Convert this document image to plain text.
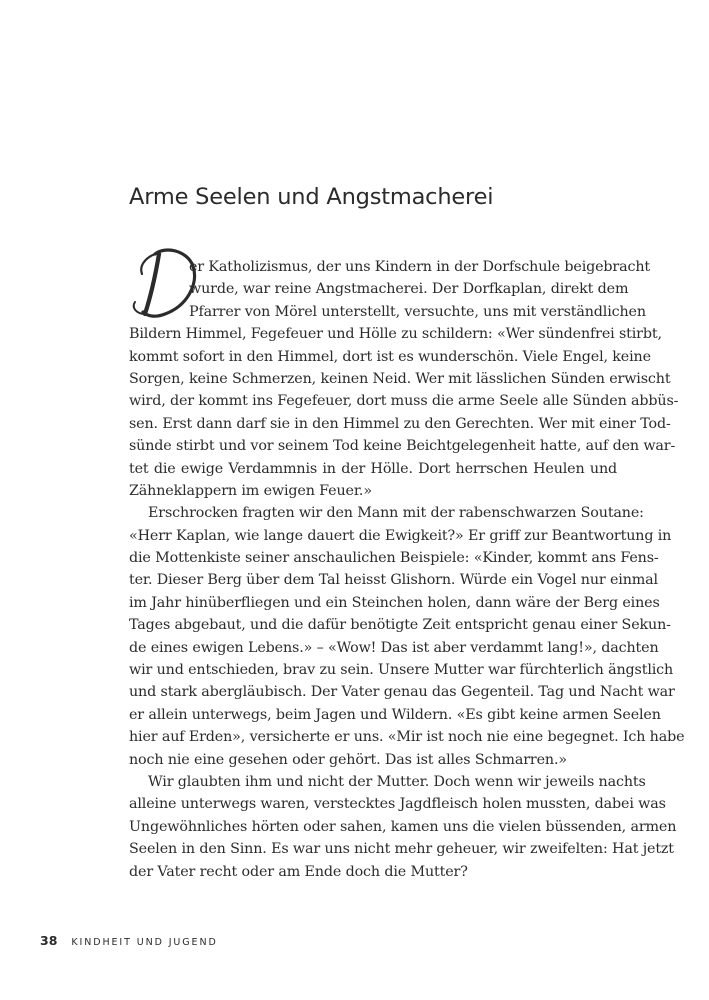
Arme Seelen und Angstmacherei
er Katholizismus, der uns Kindern in der Dorfschule beigebracht
wurde, war reine Angstmacherei. Der Dorfkaplan, direkt dem
Pfarrer von Mörel unterstellt, versuchte, uns mit verständlichen
Bildern Himmel, Fegefeuer und Hölle zu schildern: «Wer sündenfrei stirbt,
kommt sofort in den Himmel, dort ist es wunderschön. Viele Engel, keine
Sorgen, keine Schmerzen, keinen Neid. Wer mit lässlichen Sünden erwischt
wird, der kommt ins Fegefeuer, dort muss die arme Seele alle Sünden abbüs-
sen. Erst dann darf sie in den Himmel zu den Gerechten. Wer mit einer Tod-
sünde stirbt und vor seinem Tod keine Beichtgelegenheit hatte, auf den war-
tet die ewige Verdammnis in der Hölle. Dort herrschen Heulen und
Zähneklappern im ewigen Feuer.»
Erschrocken fragten wir den Mann mit der rabenschwarzen Soutane:
«Herr Kaplan, wie lange dauert die Ewigkeit?» Er griff zur Beantwortung in
die Mottenkiste seiner anschaulichen Beispiele: «Kinder, kommt ans Fens-
ter. Dieser Berg über dem Tal heisst Glishorn. Würde ein Vogel nur einmal
im Jahr hinüberfliegen und ein Steinchen holen, dann wäre der Berg eines
Tages abgebaut, und die dafür benötigte Zeit entspricht genau einer Sekun-
de eines ewigen Lebens.» – «Wow! Das ist aber verdammt lang!», dachten
wir und entschieden, brav zu sein. Unsere Mutter war fürchterlich ängstlich
und stark abergläubisch. Der Vater genau das Gegenteil. Tag und Nacht war
er allein unterwegs, beim Jagen und Wildern. «Es gibt keine armen Seelen
hier auf Erden», versicherte er uns. «Mir ist noch nie eine begegnet. Ich habe
noch nie eine gesehen oder gehört. Das ist alles Schmarren.»
Wir glaubten ihm und nicht der Mutter. Doch wenn wir jeweils nachts
alleine unterwegs waren, verstecktes Jagdfleisch holen mussten, dabei was
Ungewöhnliches hörten oder sahen, kamen uns die vielen büssenden, armen
Seelen in den Sinn. Es war uns nicht mehr geheuer, wir zweifelten: Hat jetzt
der Vater recht oder am Ende doch die Mutter?
38 KINDHEIT UND JUGEND
